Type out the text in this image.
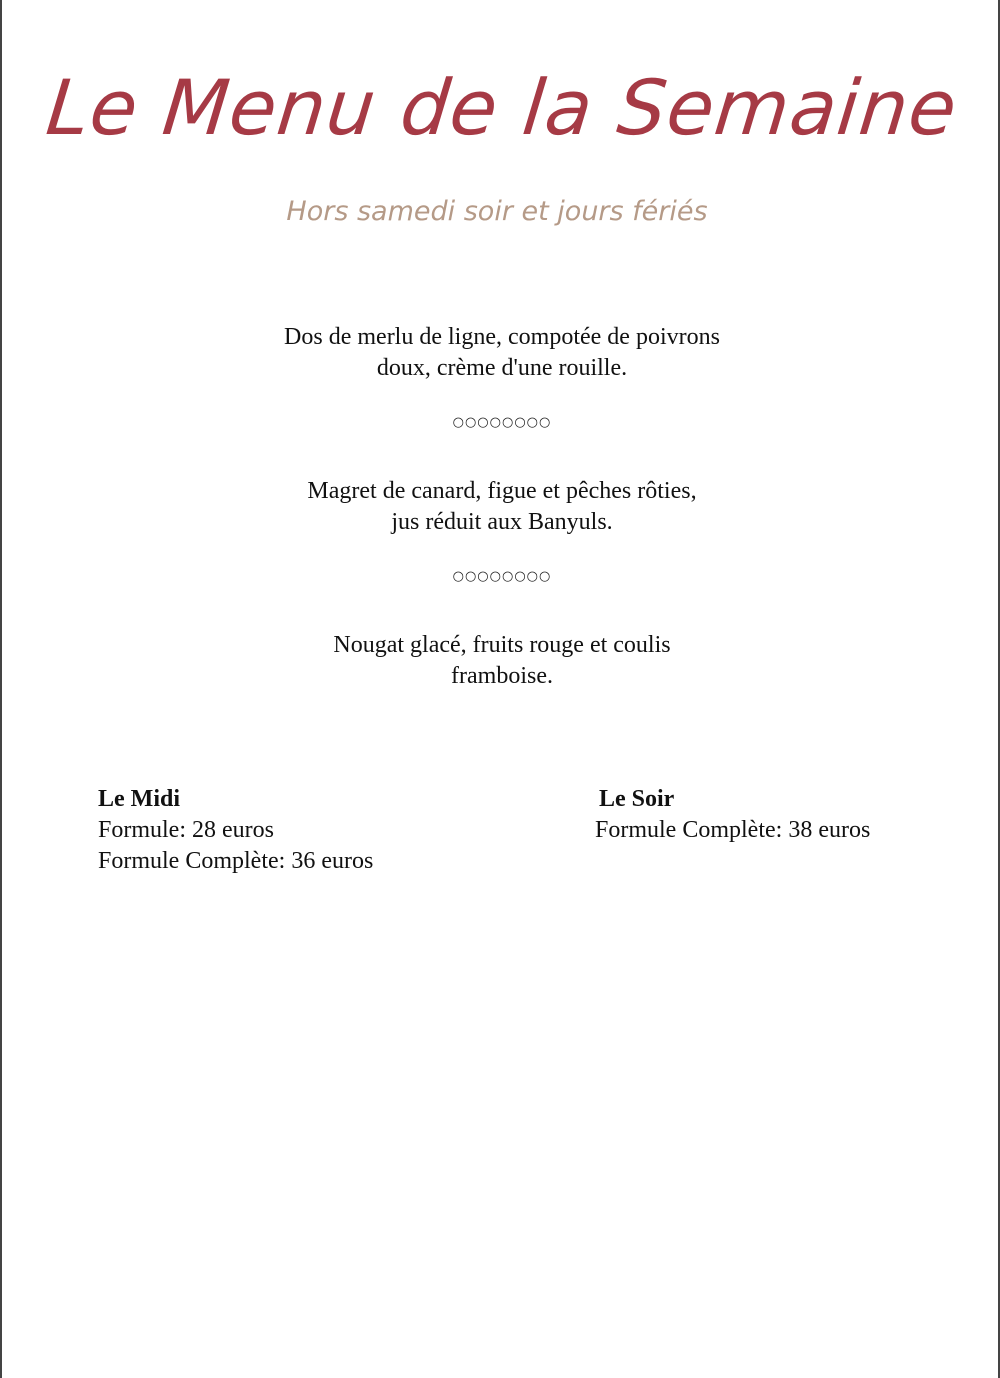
Le Menu de la Semaine
Hors samedi soir et jours fériés
Dos de merlu de ligne, compotée de poivrons
doux, crème d'une rouille.
○○○○○○○○
Magret de canard, figue et pêches rôties,
jus réduit aux Banyuls.
○○○○○○○○
Nougat glacé, fruits rouge et coulis
framboise.
Le Midi
Formule: 28 euros
Formule Complète: 36 euros
Le Soir
Formule Complète: 38 euros
